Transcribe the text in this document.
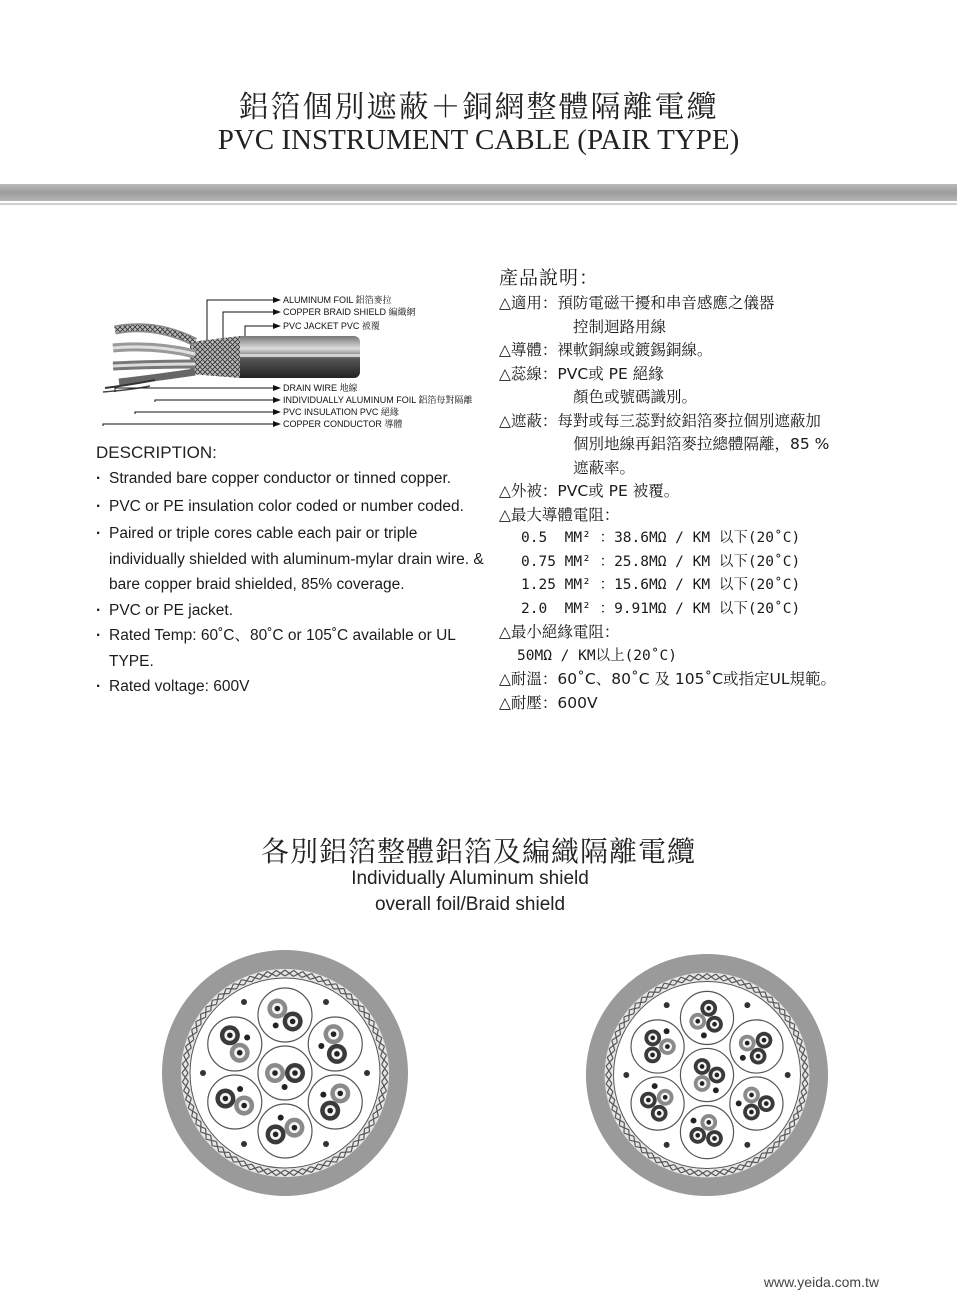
鋁箔個別遮蔽＋銅網整體隔離電纜
PVC INSTRUMENT CABLE (PAIR TYPE)
ALUMINUM FOIL 鋁箔麥拉
COPPER BRAID SHIELD 編織網
PVC JACKET PVC 被覆
DRAIN WIRE 地線
INDIVIDUALLY ALUMINUM FOIL 鋁箔每對隔離
PVC INSULATION PVC 絕緣
COPPER CONDUCTOR 導體
DESCRIPTION:
· Stranded bare copper conductor or tinned copper.
· PVC or PE insulation color coded or number coded.
· Paired or triple cores cable each pair or triple individually shielded with aluminum-mylar drain wire. & bare copper braid shielded, 85% coverage.
· PVC or PE jacket.
· Rated Temp: 60˚C、80˚C or 105˚C available or UL TYPE.
· Rated voltage: 600V
產品說明：
△適用：預防電磁干擾和串音感應之儀器
控制迴路用線
△導體：裸軟銅線或鍍錫銅線。
△蕊線：PVC或 PE 絕緣
顏色或號碼識別。
△遮蔽：每對或每三蕊對絞鋁箔麥拉個別遮蔽加
個別地線再鋁箔麥拉總體隔離，85 %
遮蔽率。
△外被：PVC或 PE 被覆。
△最大導體電阻：
0.5  MM² ：38.6MΩ / KM 以下(20˚C)
0.75 MM² ：25.8MΩ / KM 以下(20˚C)
1.25 MM² ：15.6MΩ / KM 以下(20˚C)
2.0  MM² ：9.91MΩ / KM 以下(20˚C)
△最小絕緣電阻：
50MΩ / KM以上(20˚C)
△耐溫：60˚C、80˚C 及 105˚C或指定UL規範。
△耐壓：600V
各別鋁箔整體鋁箔及編織隔離電纜
Individually Aluminum shield
overall foil/Braid shield
www.yeida.com.tw
